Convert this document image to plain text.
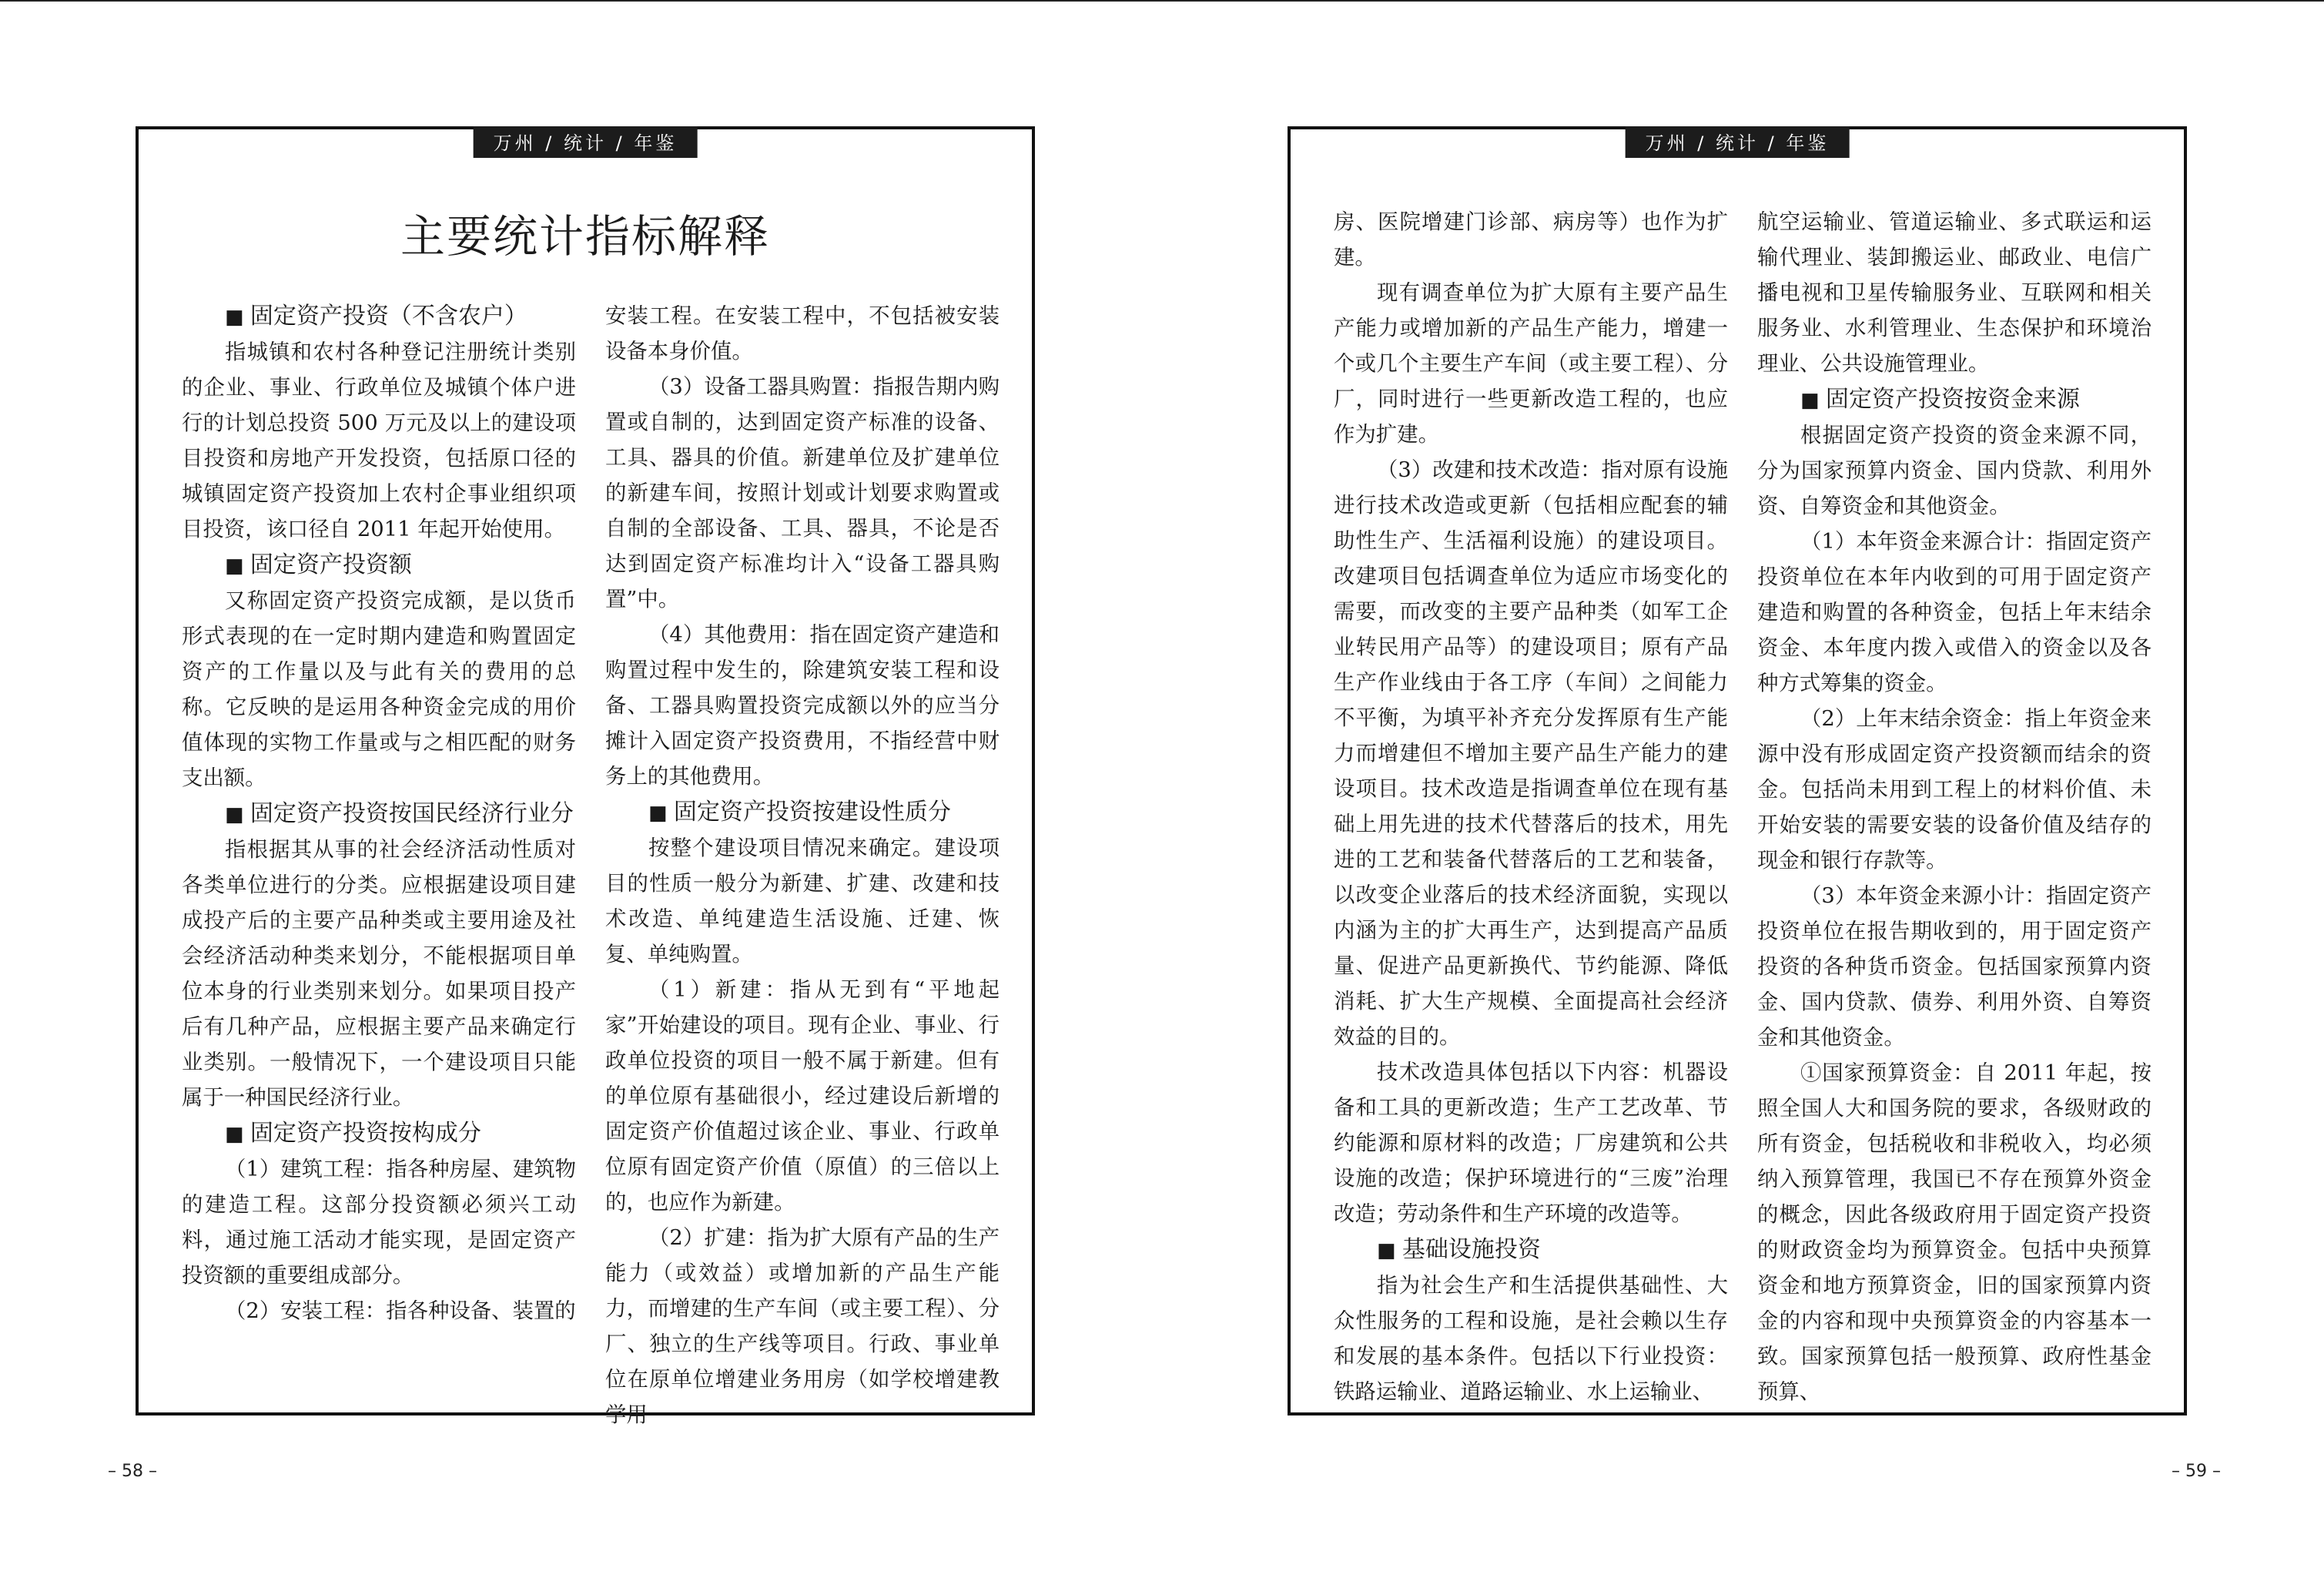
万州 / 统计 / 年鉴
主要统计指标解释
■ 固定资产投资（不含农户）

指城镇和农村各种登记注册统计类别的企业、事业、行政单位及城镇个体户进行的计划总投资 500 万元及以上的建设项目投资和房地产开发投资，包括原口径的城镇固定资产投资加上农村企事业组织项目投资，该口径自 2011 年起开始使用。

■ 固定资产投资额

又称固定资产投资完成额，是以货币形式表现的在一定时期内建造和购置固定资产的工作量以及与此有关的费用的总称。它反映的是运用各种资金完成的用价值体现的实物工作量或与之相匹配的财务支出额。

■ 固定资产投资按国民经济行业分

指根据其从事的社会经济活动性质对各类单位进行的分类。应根据建设项目建成投产后的主要产品种类或主要用途及社会经济活动种类来划分，不能根据项目单位本身的行业类别来划分。如果项目投产后有几种产品，应根据主要产品来确定行业类别。一般情况下，一个建设项目只能属于一种国民经济行业。

■ 固定资产投资按构成分

（1）建筑工程：指各种房屋、建筑物的建造工程。这部分投资额必须兴工动料，通过施工活动才能实现，是固定资产投资额的重要组成部分。

（2）安装工程：指各种设备、装置的

安装工程。在安装工程中，不包括被安装设备本身价值。

（3）设备工器具购置：指报告期内购置或自制的，达到固定资产标准的设备、工具、器具的价值。新建单位及扩建单位的新建车间，按照计划或计划要求购置或自制的全部设备、工具、器具，不论是否达到固定资产标准均计入“设备工器具购置”中。

（4）其他费用：指在固定资产建造和购置过程中发生的，除建筑安装工程和设备、工器具购置投资完成额以外的应当分摊计入固定资产投资费用，不指经营中财务上的其他费用。

■ 固定资产投资按建设性质分

按整个建设项目情况来确定。建设项目的性质一般分为新建、扩建、改建和技术改造、单纯建造生活设施、迁建、恢复、单纯购置。

（1）新建：指从无到有“平地起家”开始建设的项目。现有企业、事业、行政单位投资的项目一般不属于新建。但有的单位原有基础很小，经过建设后新增的固定资产价值超过该企业、事业、行政单位原有固定资产价值（原值）的三倍以上的，也应作为新建。

（2）扩建：指为扩大原有产品的生产能力（或效益）或增加新的产品生产能力，而增建的生产车间（或主要工程）、分厂、独立的生产线等项目。行政、事业单位在原单位增建业务用房（如学校增建教学用

– 58 –
万州 / 统计 / 年鉴

房、医院增建门诊部、病房等）也作为扩建。

现有调查单位为扩大原有主要产品生产能力或增加新的产品生产能力，增建一个或几个主要生产车间（或主要工程）、分厂，同时进行一些更新改造工程的，也应作为扩建。

（3）改建和技术改造：指对原有设施进行技术改造或更新（包括相应配套的辅助性生产、生活福利设施）的建设项目。改建项目包括调查单位为适应市场变化的需要，而改变的主要产品种类（如军工企业转民用产品等）的建设项目；原有产品生产作业线由于各工序（车间）之间能力不平衡，为填平补齐充分发挥原有生产能力而增建但不增加主要产品生产能力的建设项目。技术改造是指调查单位在现有基础上用先进的技术代替落后的技术，用先进的工艺和装备代替落后的工艺和装备，以改变企业落后的技术经济面貌，实现以内涵为主的扩大再生产，达到提高产品质量、促进产品更新换代、节约能源、降低消耗、扩大生产规模、全面提高社会经济效益的目的。

技术改造具体包括以下内容：机器设备和工具的更新改造；生产工艺改革、节约能源和原材料的改造；厂房建筑和公共设施的改造；保护环境进行的“三废”治理改造；劳动条件和生产环境的改造等。

■ 基础设施投资

指为社会生产和生活提供基础性、大众性服务的工程和设施，是社会赖以生存和发展的基本条件。包括以下行业投资：铁路运输业、道路运输业、水上运输业、

航空运输业、管道运输业、多式联运和运输代理业、装卸搬运业、邮政业、电信广播电视和卫星传输服务业、互联网和相关服务业、水利管理业、生态保护和环境治理业、公共设施管理业。

■ 固定资产投资按资金来源

根据固定资产投资的资金来源不同，分为国家预算内资金、国内贷款、利用外资、自筹资金和其他资金。

（1）本年资金来源合计：指固定资产投资单位在本年内收到的可用于固定资产建造和购置的各种资金，包括上年末结余资金、本年度内拨入或借入的资金以及各种方式筹集的资金。

（2）上年末结余资金：指上年资金来源中没有形成固定资产投资额而结余的资金。包括尚未用到工程上的材料价值、未开始安装的需要安装的设备价值及结存的现金和银行存款等。

（3）本年资金来源小计：指固定资产投资单位在报告期收到的，用于固定资产投资的各种货币资金。包括国家预算内资金、国内贷款、债券、利用外资、自筹资金和其他资金。

①国家预算资金：自 2011 年起，按照全国人大和国务院的要求，各级财政的所有资金，包括税收和非税收入，均必须纳入预算管理，我国已不存在预算外资金的概念，因此各级政府用于固定资产投资的财政资金均为预算资金。包括中央预算资金和地方预算资金，旧的国家预算内资金的内容和现中央预算资金的内容基本一致。国家预算包括一般预算、政府性基金预算、

– 59 –
